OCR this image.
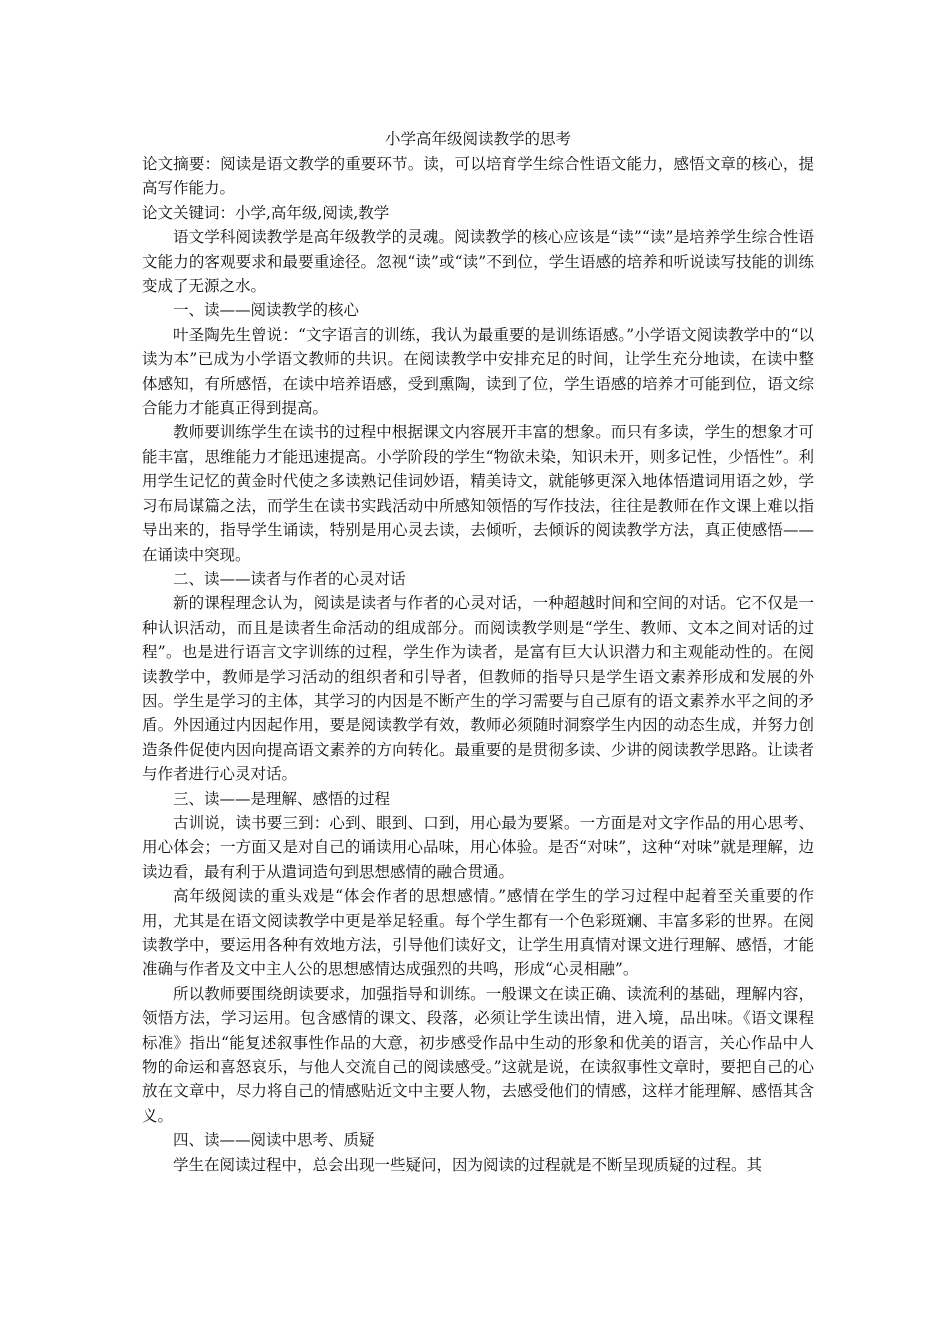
小学高年级阅读教学的思考

论文摘要：阅读是语文教学的重要环节。读，可以培育学生综合性语文能力，感悟文章的核心，提高写作能力。

论文关键词：小学,高年级,阅读,教学

语文学科阅读教学是高年级教学的灵魂。阅读教学的核心应该是“读”“读”是培养学生综合性语文能力的客观要求和最要重途径。忽视“读”或“读”不到位，学生语感的培养和听说读写技能的训练变成了无源之水。

一、读——阅读教学的核心

叶圣陶先生曾说：“文字语言的训练，我认为最重要的是训练语感。”小学语文阅读教学中的“以读为本”已成为小学语文教师的共识。在阅读教学中安排充足的时间，让学生充分地读，在读中整体感知，有所感悟，在读中培养语感，受到熏陶，读到了位，学生语感的培养才可能到位，语文综合能力才能真正得到提高。

教师要训练学生在读书的过程中根据课文内容展开丰富的想象。而只有多读，学生的想象才可能丰富，思维能力才能迅速提高。小学阶段的学生“物欲未染，知识未开，则多记性，少悟性”。利用学生记忆的黄金时代使之多读熟记佳词妙语，精美诗文，就能够更深入地体悟遣词用语之妙，学习布局谋篇之法，而学生在读书实践活动中所感知领悟的写作技法，往往是教师在作文课上难以指导出来的，指导学生诵读，特别是用心灵去读，去倾听，去倾诉的阅读教学方法，真正使感悟——在诵读中突现。

二、读——读者与作者的心灵对话

新的课程理念认为，阅读是读者与作者的心灵对话，一种超越时间和空间的对话。它不仅是一种认识活动，而且是读者生命活动的组成部分。而阅读教学则是“学生、教师、文本之间对话的过程”。也是进行语言文字训练的过程，学生作为读者，是富有巨大认识潜力和主观能动性的。在阅读教学中，教师是学习活动的组织者和引导者，但教师的指导只是学生语文素养形成和发展的外因。学生是学习的主体，其学习的内因是不断产生的学习需要与自己原有的语文素养水平之间的矛盾。外因通过内因起作用，要是阅读教学有效，教师必须随时洞察学生内因的动态生成，并努力创造条件促使内因向提高语文素养的方向转化。最重要的是贯彻多读、少讲的阅读教学思路。让读者与作者进行心灵对话。

三、读——是理解、感悟的过程

古训说，读书要三到：心到、眼到、口到，用心最为要紧。一方面是对文字作品的用心思考、用心体会；一方面又是对自己的诵读用心品味，用心体验。是否“对味”，这种“对味”就是理解，边读边看，最有利于从遣词造句到思想感情的融合贯通。

高年级阅读的重头戏是“体会作者的思想感情。”感情在学生的学习过程中起着至关重要的作用，尤其是在语文阅读教学中更是举足轻重。每个学生都有一个色彩斑斓、丰富多彩的世界。在阅读教学中，要运用各种有效地方法，引导他们读好文，让学生用真情对课文进行理解、感悟，才能准确与作者及文中主人公的思想感情达成强烈的共鸣，形成“心灵相融”。

所以教师要围绕朗读要求，加强指导和训练。一般课文在读正确、读流利的基础，理解内容，领悟方法，学习运用。包含感情的课文、段落，必须让学生读出情，进入境，品出味。《语文课程标准》指出“能复述叙事性作品的大意，初步感受作品中生动的形象和优美的语言，关心作品中人物的命运和喜怒哀乐，与他人交流自己的阅读感受。”这就是说，在读叙事性文章时，要把自己的心放在文章中，尽力将自己的情感贴近文中主要人物，去感受他们的情感，这样才能理解、感悟其含义。

四、读——阅读中思考、质疑

学生在阅读过程中，总会出现一些疑问，因为阅读的过程就是不断呈现质疑的过程。其
